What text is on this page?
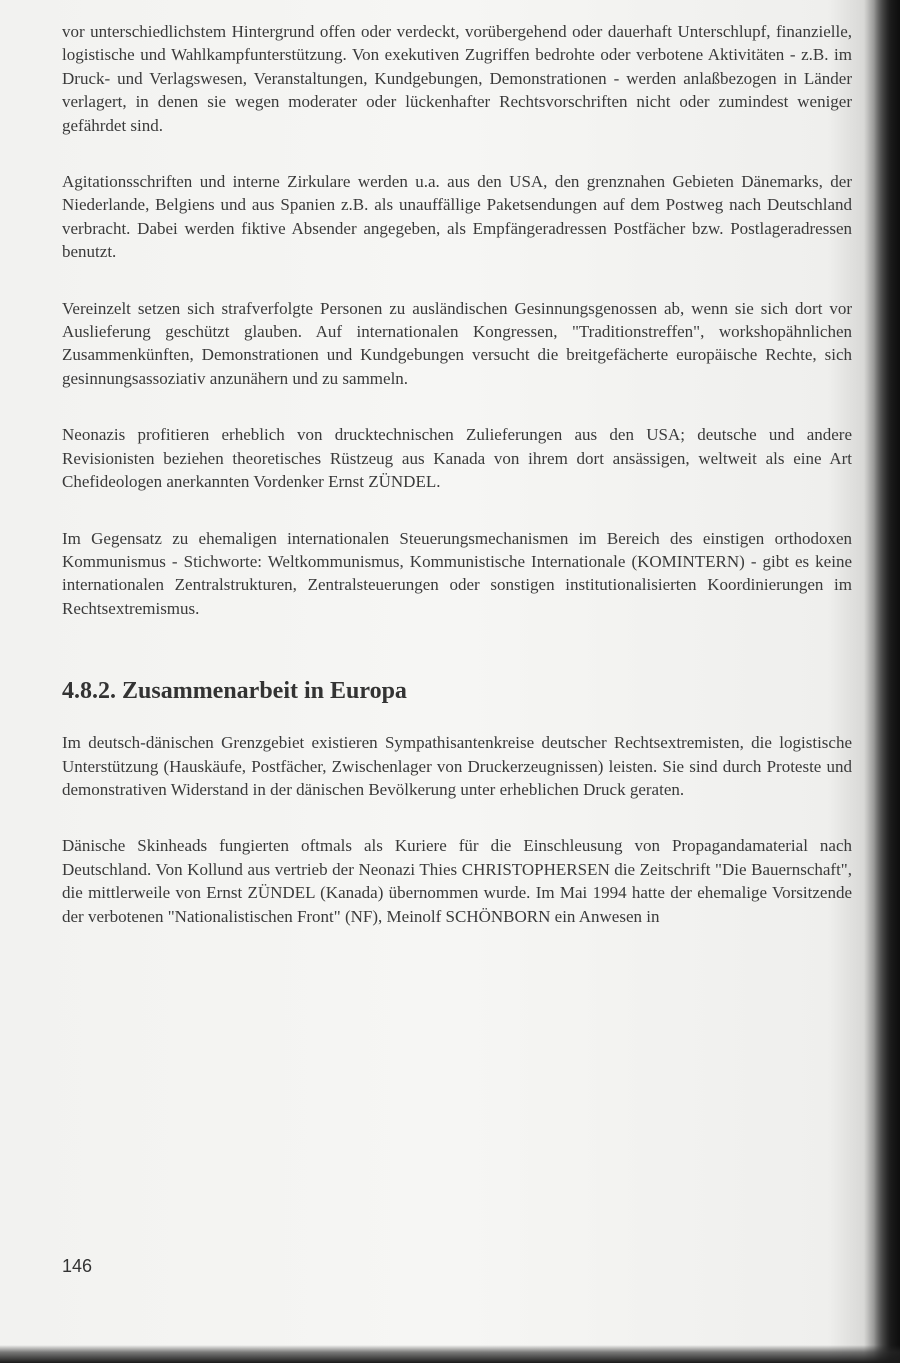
vor unterschiedlichstem Hintergrund offen oder verdeckt, vorübergehend oder dauerhaft Unterschlupf, finanzielle, logistische und Wahlkampfunterstützung. Von exekutiven Zugriffen bedrohte oder verbotene Aktivitäten - z.B. im Druck- und Verlagswesen, Veranstaltungen, Kundgebungen, Demonstrationen - werden anlaßbezogen in Länder verlagert, in denen sie wegen moderater oder lückenhafter Rechtsvorschriften nicht oder zumindest weniger gefährdet sind.

Agitationsschriften und interne Zirkulare werden u.a. aus den USA, den grenznahen Gebieten Dänemarks, der Niederlande, Belgiens und aus Spanien z.B. als unauffällige Paketsendungen auf dem Postweg nach Deutschland verbracht. Dabei werden fiktive Absender angegeben, als Empfängeradressen Postfächer bzw. Postlageradressen benutzt.

Vereinzelt setzen sich strafverfolgte Personen zu ausländischen Gesinnungsgenossen ab, wenn sie sich dort vor Auslieferung geschützt glauben. Auf internationalen Kongressen, "Traditionstreffen", workshopähnlichen Zusammenkünften, Demonstrationen und Kundgebungen versucht die breitgefächerte europäische Rechte, sich gesinnungsassoziativ anzunähern und zu sammeln.

Neonazis profitieren erheblich von drucktechnischen Zulieferungen aus den USA; deutsche und andere Revisionisten beziehen theoretisches Rüstzeug aus Kanada von ihrem dort ansässigen, weltweit als eine Art Chefideologen anerkannten Vordenker Ernst ZÜNDEL.

Im Gegensatz zu ehemaligen internationalen Steuerungsmechanismen im Bereich des einstigen orthodoxen Kommunismus - Stichworte: Weltkommunismus, Kommunistische Internationale (KOMINTERN) - gibt es keine internationalen Zentralstrukturen, Zentralsteuerungen oder sonstigen institutionalisierten Koordinierungen im Rechtsextremismus.

4.8.2. Zusammenarbeit in Europa

Im deutsch-dänischen Grenzgebiet existieren Sympathisantenkreise deutscher Rechtsextremisten, die logistische Unterstützung (Hauskäufe, Postfächer, Zwischenlager von Druckerzeugnissen) leisten. Sie sind durch Proteste und demonstrativen Widerstand in der dänischen Bevölkerung unter erheblichen Druck geraten.

Dänische Skinheads fungierten oftmals als Kuriere für die Einschleusung von Propagandamaterial nach Deutschland. Von Kollund aus vertrieb der Neonazi Thies CHRISTOPHERSEN die Zeitschrift "Die Bauernschaft", die mittlerweile von Ernst ZÜNDEL (Kanada) übernommen wurde. Im Mai 1994 hatte der ehemalige Vorsitzende der verbotenen "Nationalistischen Front" (NF), Meinolf SCHÖNBORN ein Anwesen in

146
